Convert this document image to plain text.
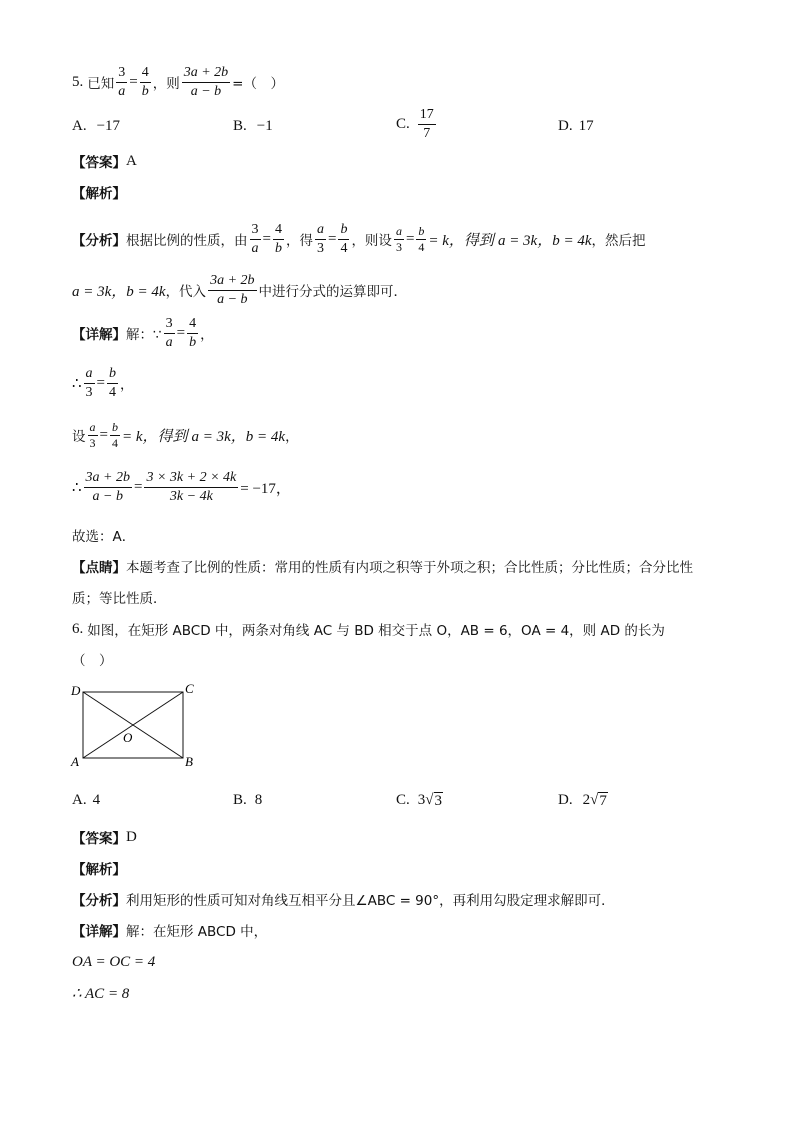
5. 已知 $\frac{3}{a} = \frac{4}{b}$ ，则 $\frac{3a + 2b}{a - b}$ =（　）
A. −17	B. −1	C. $\frac{17}{7}$	D. 17
【答案】 A
【解析】
【分析】 根据比例的性质，由 $\frac{3}{a} = \frac{4}{b}$ ，得 $\frac{a}{3} = \frac{b}{4}$ ，则设 $\frac{a}{3} = \frac{b}{4} = k$，得到 a = 3k，b = 4k ，然后把
a = 3k，b = 4k ，代入 $\frac{3a + 2b}{a - b}$ 中进行分式的运算即可．
【详解】 解：∵ $\frac{3}{a} = \frac{4}{b}$ ，
∴ $\frac{a}{3} = \frac{b}{4}$ ，
设 $\frac{a}{3} = \frac{b}{4} = k$，得到 a = 3k，b = 4k ，
∴ $\frac{3a + 2b}{a - b} = \frac{3 \times 3k + 2 \times 4k}{3k - 4k} = -17$，
故选：A．
【点睛】 本题考查了比例的性质：常用的性质有内项之积等于外项之积；合比性质；分比性质；合分比性
质；等比性质．
6. 如图，在矩形 ABCD 中，两条对角线 AC 与 BD 相交于点 O，AB = 6，OA = 4，则 AD 的长为
（　）
D	C
A	B
O
A. 4	B. 8	C. 3 √ 3	D. 2 √ 7
【答案】 D
【解析】
【分析】 利用矩形的性质可知对角线互相平分且∠ABC = 90°，再利用勾股定理求解即可．
【详解】 解：在矩形 ABCD 中，
OA = OC = 4
∴ AC = 8
